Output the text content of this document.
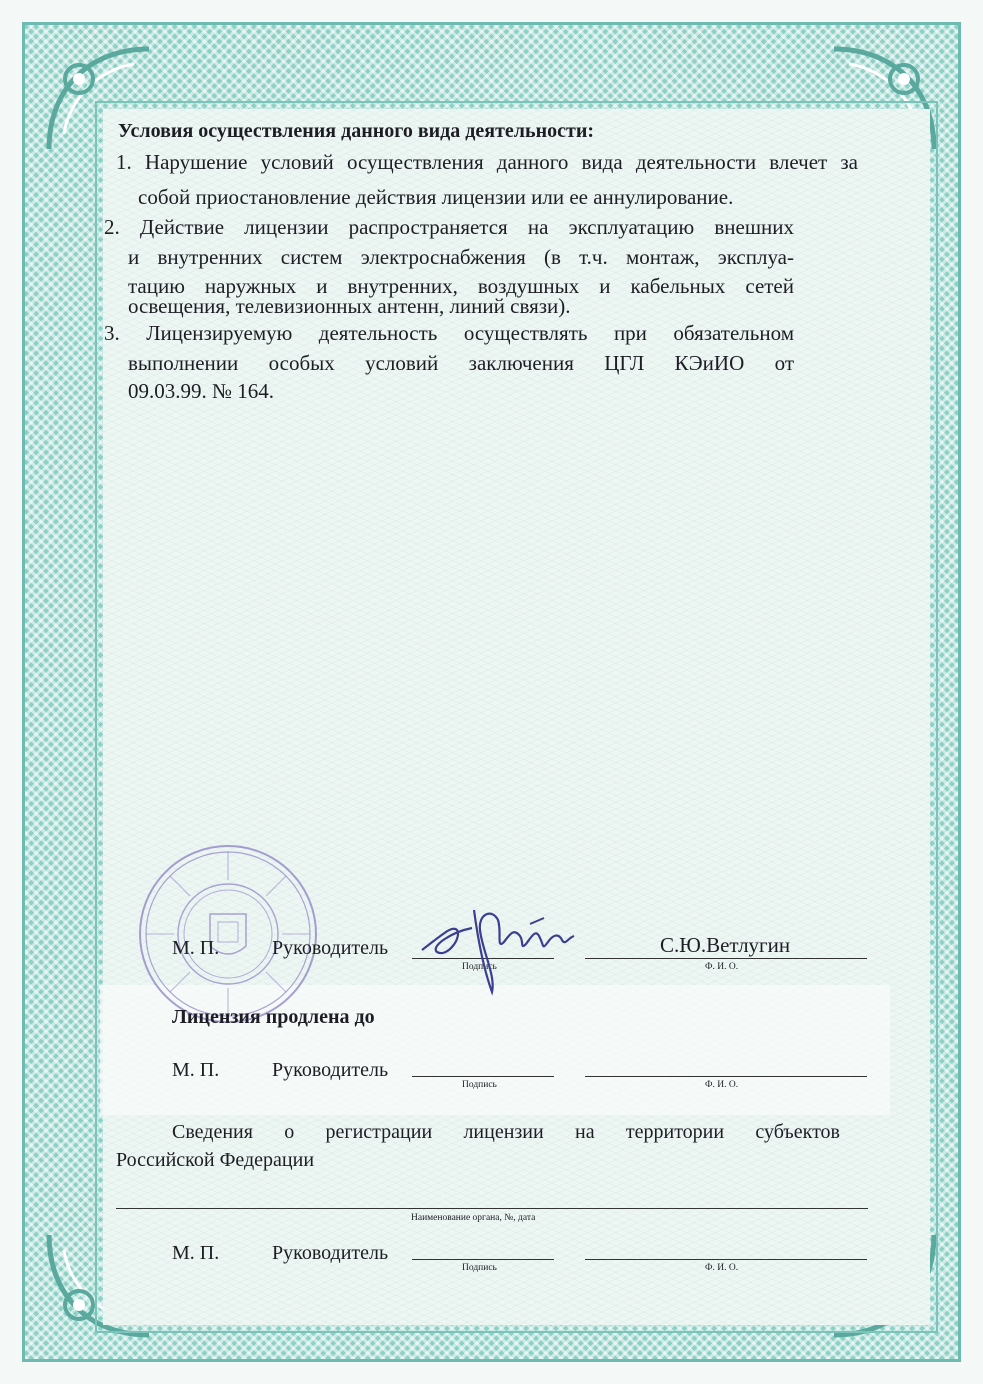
Условия осуществления данного вида деятельности:
1. Нарушение условий осуществления данного вида деятельности влечет за
собой приостановление действия лицензии или ее аннулирование.
2. Действие лицензии распространяется на эксплуатацию внешних
и внутренних систем электроснабжения (в т.ч. монтаж, эксплуа-
тацию наружных и внутренних, воздушных и кабельных сетей
освещения, телевизионных антенн, линий связи).
3. Лицензируемую деятельность осуществлять при обязательном
выполнении особых условий заключения ЦГЛ КЭиИО от
09.03.99. № 164.
М. П.	Руководитель
Подпись
С.Ю.Ветлугин
Ф. И. О.
Лицензия продлена до
М. П.	Руководитель
Подпись	Ф. И. О.
Сведения о регистрации лицензии на территории субъектов
Российской Федерации
Наименование органа, №, дата
М. П.	Руководитель
Подпись	Ф. И. О.
